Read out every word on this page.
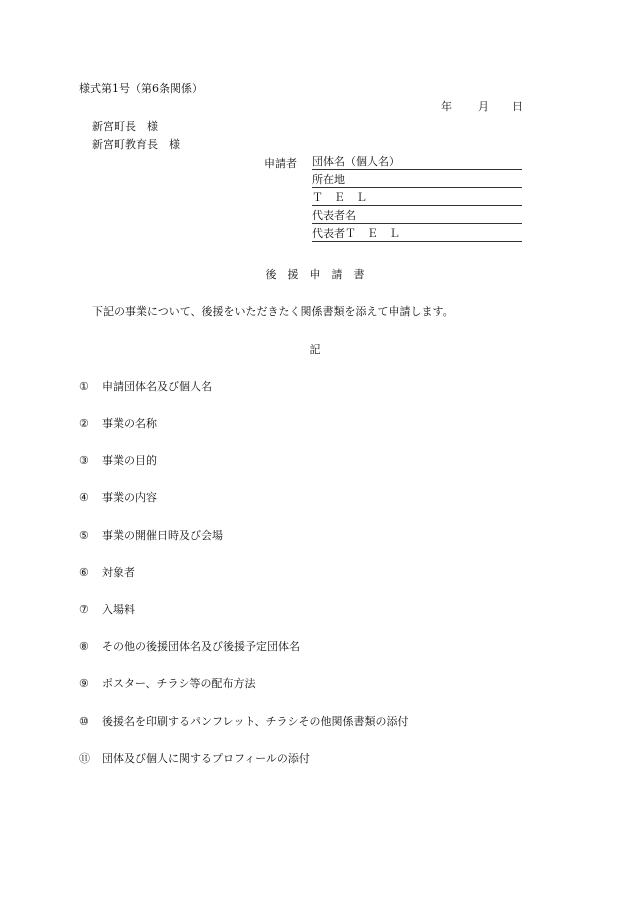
様式第1号（第6条関係）
年 月 日
新宮町長　様
新宮町教育長　様
申請者 団体名（個人名）
所在地
Ｔ　Ｅ　Ｌ
代表者名
代表者Ｔ　Ｅ　Ｌ
後　援　申　請　書
下記の事業について、後援をいただきたく関係書類を添えて申請します。
記
① 申請団体名及び個人名
② 事業の名称
③ 事業の目的
④ 事業の内容
⑤ 事業の開催日時及び会場
⑥ 対象者
⑦ 入場料
⑧ その他の後援団体名及び後援予定団体名
⑨ ポスター、チラシ等の配布方法
⑩ 後援名を印刷するパンフレット、チラシその他関係書類の添付
⑪ 団体及び個人に関するプロフィールの添付
